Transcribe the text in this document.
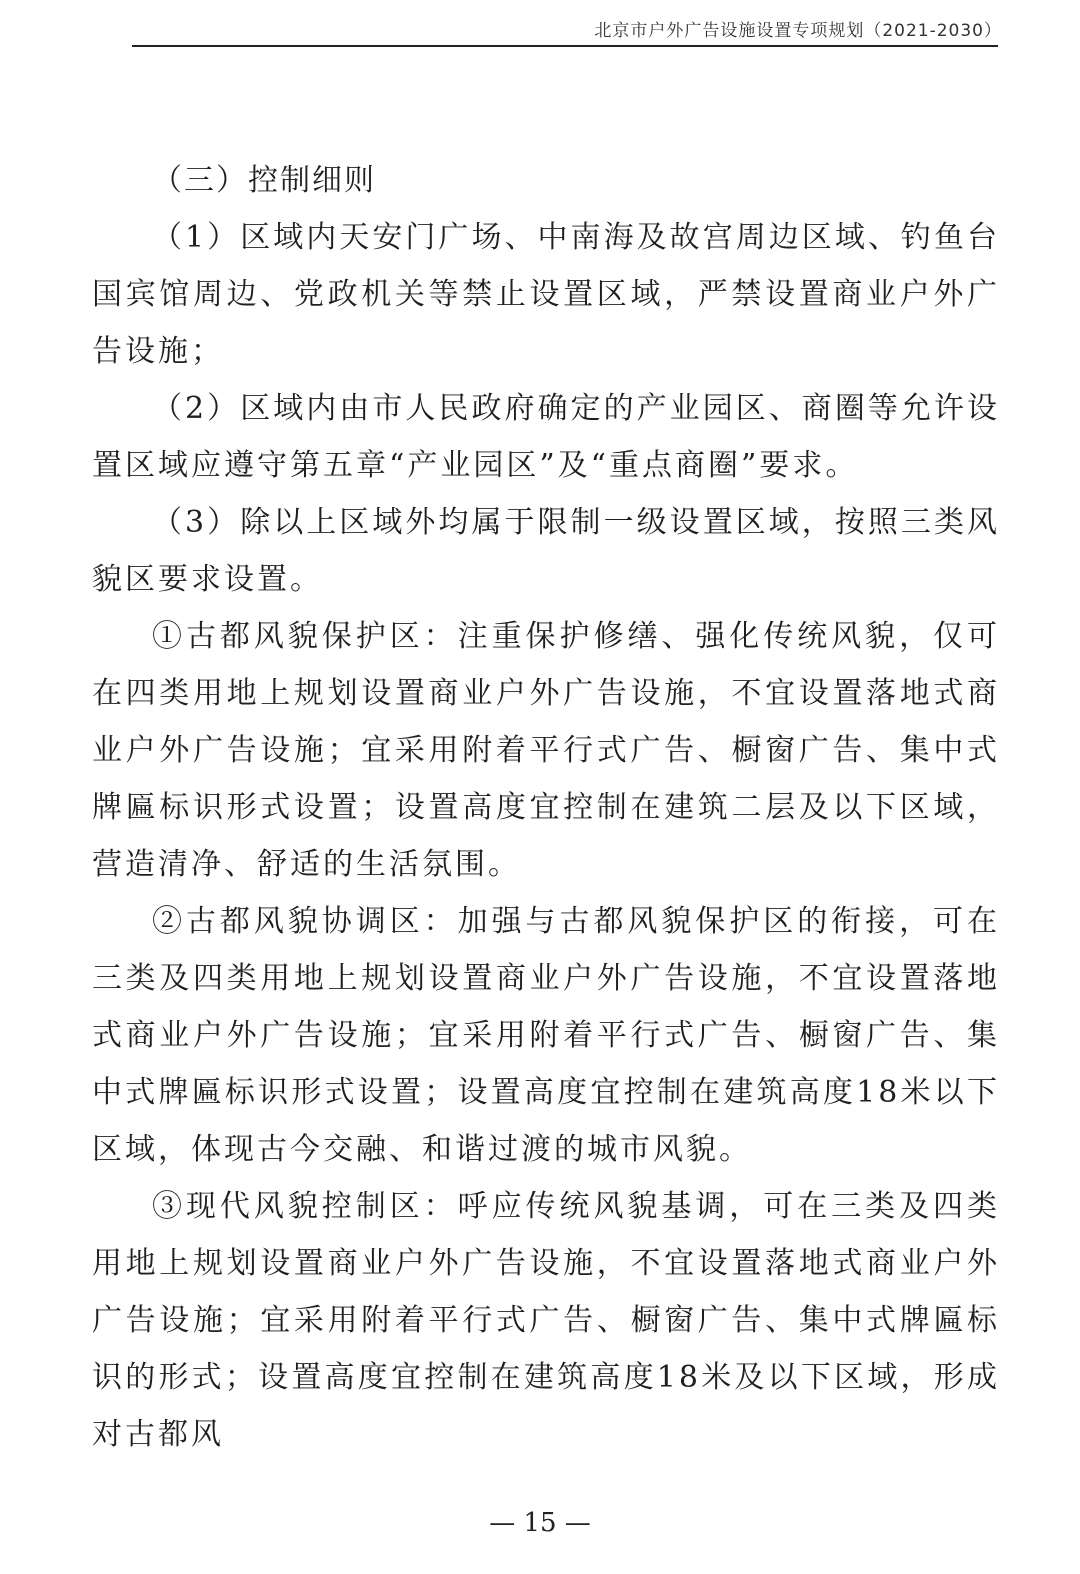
北京市户外广告设施设置专项规划（2021-2030）
（三）控制细则

（1）区域内天安门广场、中南海及故宫周边区域、钓鱼台国宾馆周边、党政机关等禁止设置区域，严禁设置商业户外广告设施；

（2）区域内由市人民政府确定的产业园区、商圈等允许设置区域应遵守第五章“产业园区”及“重点商圈”要求。

（3）除以上区域外均属于限制一级设置区域，按照三类风貌区要求设置。

①古都风貌保护区：注重保护修缮、强化传统风貌，仅可在四类用地上规划设置商业户外广告设施，不宜设置落地式商业户外广告设施；宜采用附着平行式广告、橱窗广告、集中式牌匾标识形式设置；设置高度宜控制在建筑二层及以下区域，营造清净、舒适的生活氛围。

②古都风貌协调区：加强与古都风貌保护区的衔接，可在三类及四类用地上规划设置商业户外广告设施，不宜设置落地式商业户外广告设施；宜采用附着平行式广告、橱窗广告、集中式牌匾标识形式设置；设置高度宜控制在建筑高度18米以下区域，体现古今交融、和谐过渡的城市风貌。

③现代风貌控制区：呼应传统风貌基调，可在三类及四类用地上规划设置商业户外广告设施，不宜设置落地式商业户外广告设施；宜采用附着平行式广告、橱窗广告、集中式牌匾标识的形式；设置高度宜控制在建筑高度18米及以下区域，形成对古都风

— 15 —
